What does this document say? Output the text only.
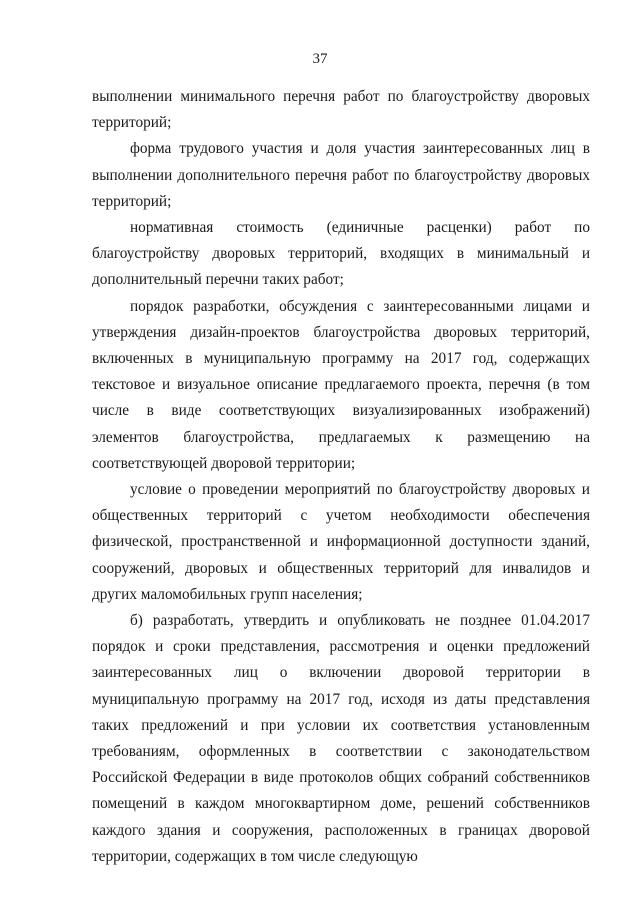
37

выполнении минимального перечня работ по благоустройству дворовых территорий;

форма трудового участия и доля участия заинтересованных лиц в выполнении дополнительного перечня работ по благоустройству дворовых территорий;

нормативная стоимость (единичные расценки) работ по благоустройству дворовых территорий, входящих в минимальный и дополнительный перечни таких работ;

порядок разработки, обсуждения с заинтересованными лицами и утверждения дизайн-проектов благоустройства дворовых территорий, включенных в муниципальную программу на 2017 год, содержащих текстовое и визуальное описание предлагаемого проекта, перечня (в том числе в виде соответствующих визуализированных изображений) элементов благоустройства, предлагаемых к размещению на соответствующей дворовой территории;

условие о проведении мероприятий по благоустройству дворовых и общественных территорий с учетом необходимости обеспечения физической, пространственной и информационной доступности зданий, сооружений, дворовых и общественных территорий для инвалидов и других маломобильных групп населения;

б) разработать, утвердить и опубликовать не позднее 01.04.2017 порядок и сроки представления, рассмотрения и оценки предложений заинтересованных лиц о включении дворовой территории в муниципальную программу на 2017 год, исходя из даты представления таких предложений и при условии их соответствия установленным требованиям, оформленных в соответствии с законодательством Российской Федерации в виде протоколов общих собраний собственников помещений в каждом многоквартирном доме, решений собственников каждого здания и сооружения, расположенных в границах дворовой территории, содержащих в том числе следующую
